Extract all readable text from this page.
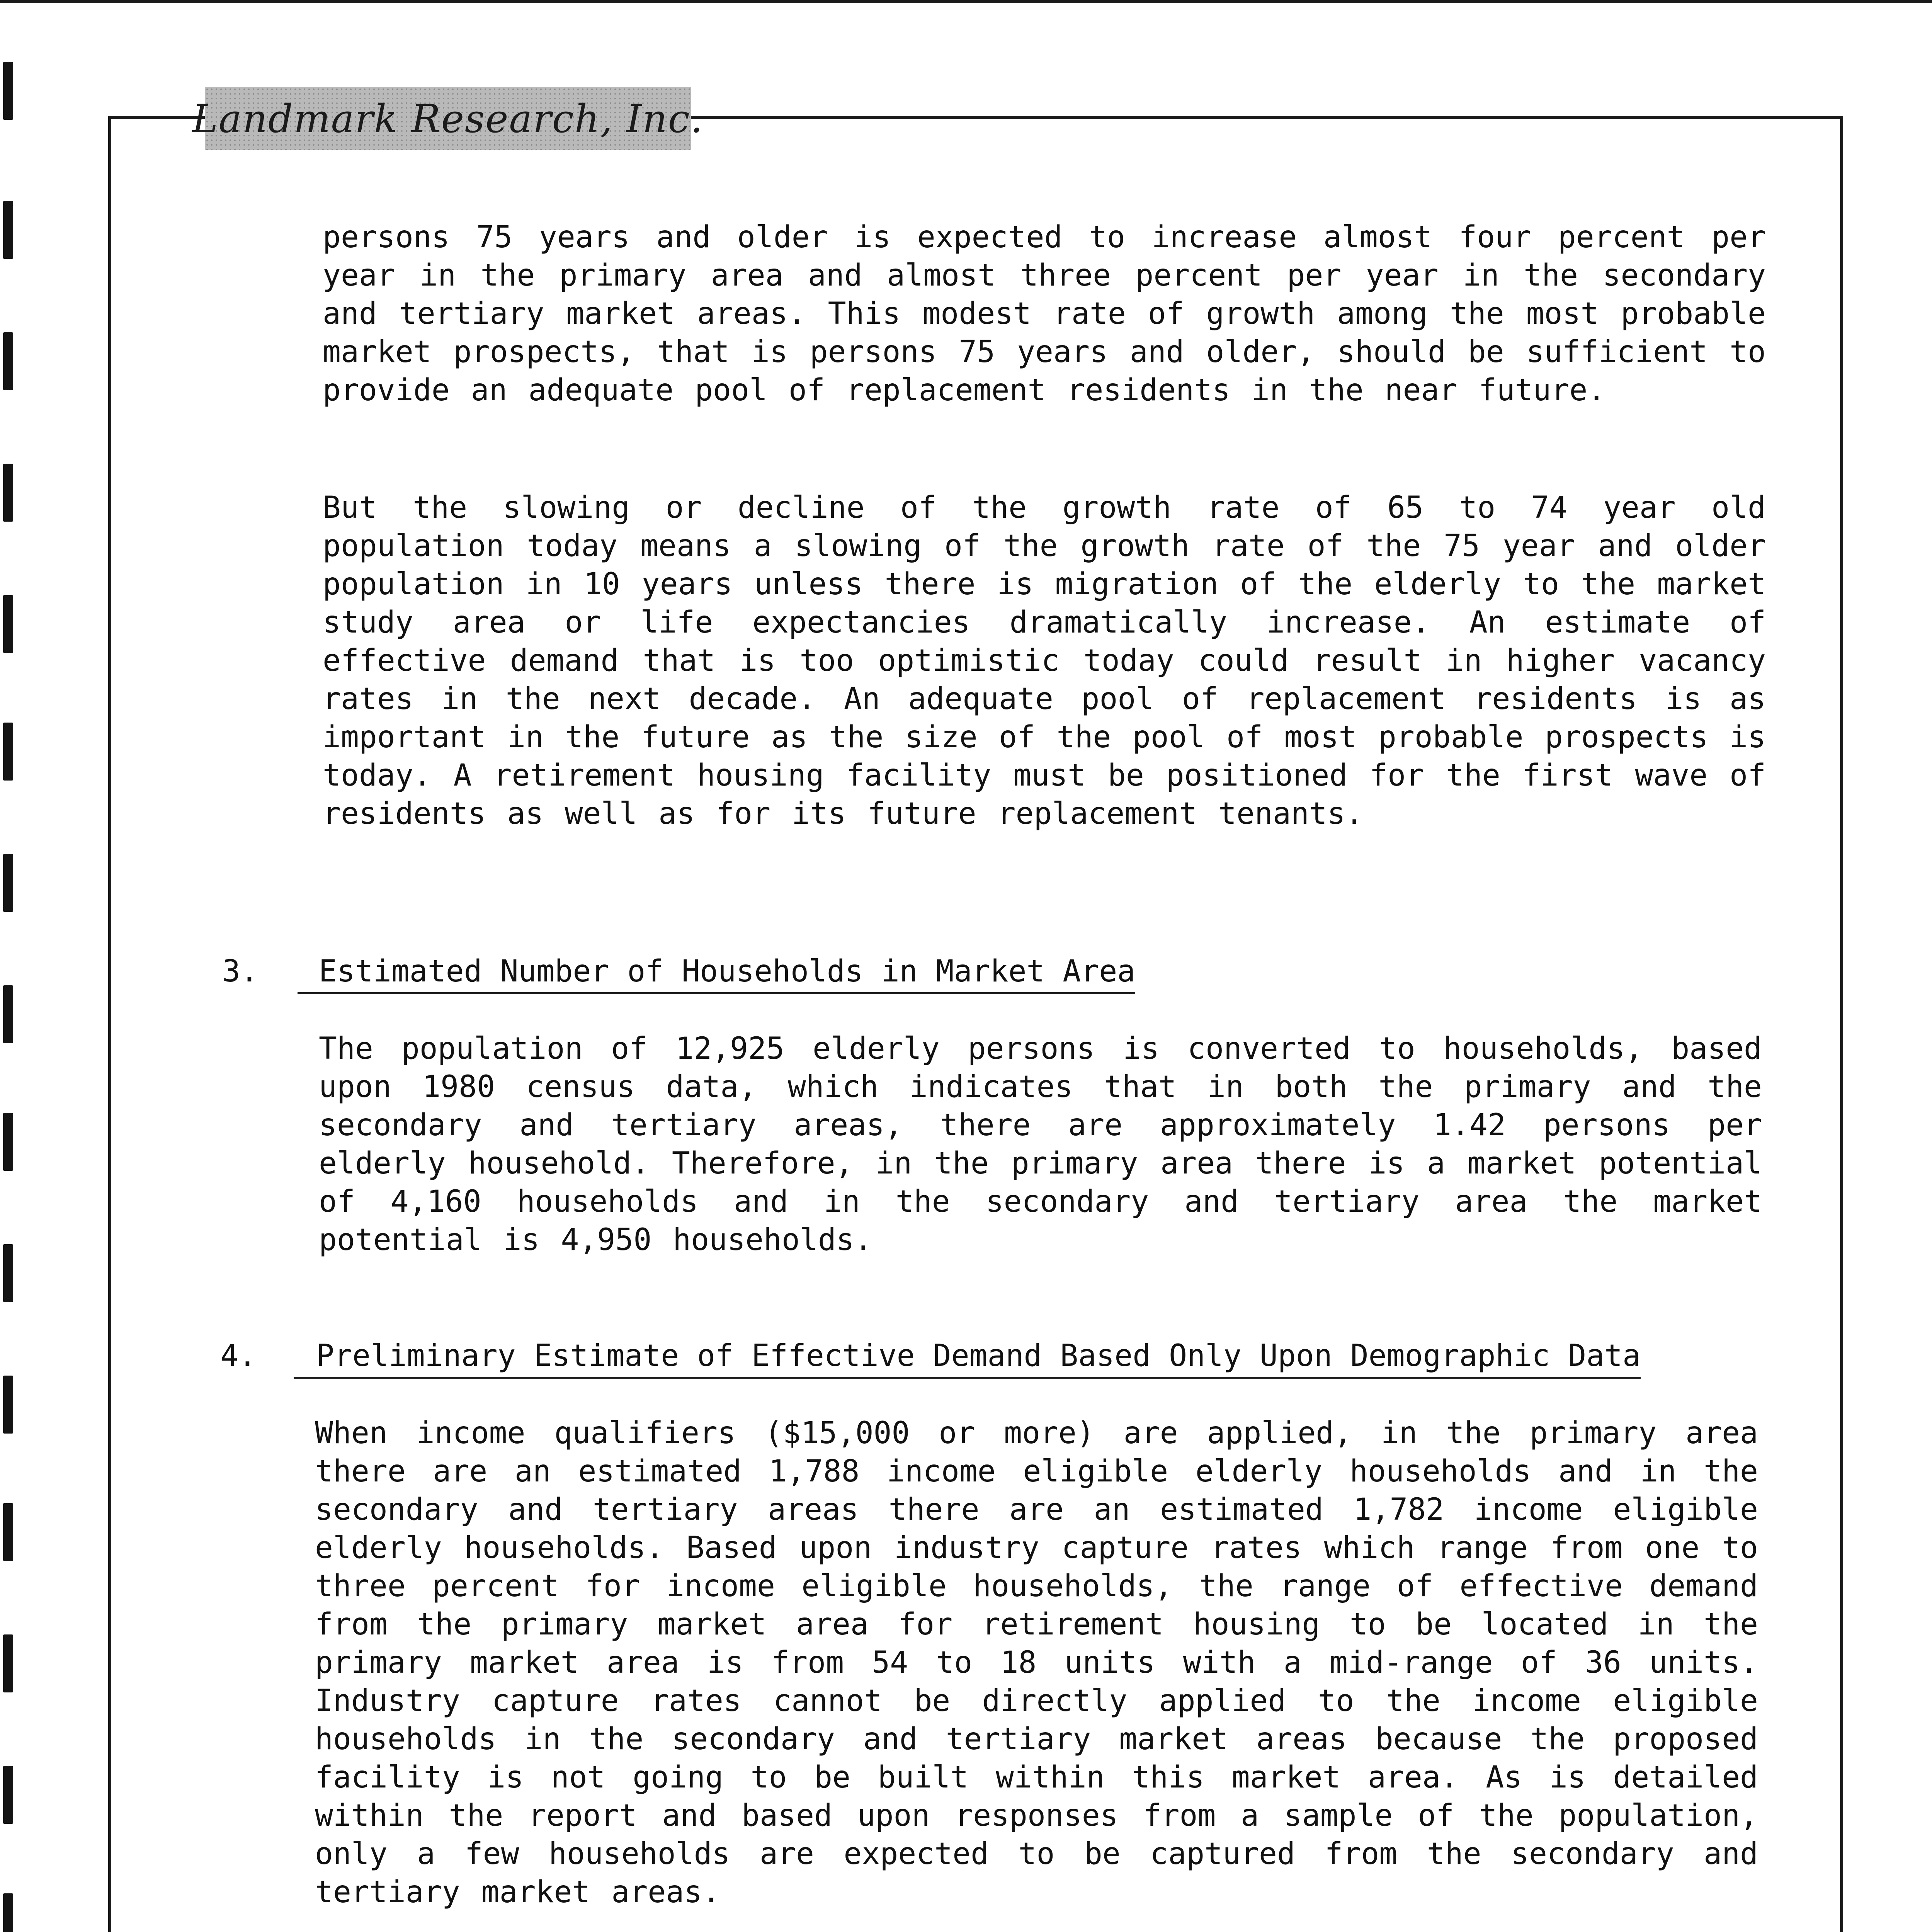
Landmark Research, Inc.

persons 75 years and older is expected to increase almost four percent per year in the primary area and almost three percent per year in the secondary and tertiary market areas. This modest rate of growth among the most probable market prospects, that is persons 75 years and older, should be sufficient to provide an adequate pool of replacement residents in the near future.

But the slowing or decline of the growth rate of 65 to 74 year old population today means a slowing of the growth rate of the 75 year and older population in 10 years unless there is migration of the elderly to the market study area or life expectancies dramatically increase. An estimate of effective demand that is too optimistic today could result in higher vacancy rates in the next decade. An adequate pool of replacement residents is as important in the future as the size of the pool of most probable prospects is today. A retirement housing facility must be positioned for the first wave of residents as well as for its future replacement tenants.

3.	Estimated Number of Households in Market Area

The population of 12,925 elderly persons is converted to households, based upon 1980 census data, which indicates that in both the primary and the secondary and tertiary areas, there are approximately 1.42 persons per elderly household. Therefore, in the primary area there is a market potential of 4,160 households and in the secondary and tertiary area the market potential is 4,950 households.

4.	Preliminary Estimate of Effective Demand Based Only Upon Demographic Data

When income qualifiers ($15,000 or more) are applied, in the primary area there are an estimated 1,788 income eligible elderly households and in the secondary and tertiary areas there are an estimated 1,782 income eligible elderly households. Based upon industry capture rates which range from one to three percent for income eligible households, the range of effective demand from the primary market area for retirement housing to be located in the primary market area is from 54 to 18 units with a mid-range of 36 units. Industry capture rates cannot be directly applied to the income eligible households in the secondary and tertiary market areas because the proposed facility is not going to be built within this market area. As is detailed within the report and based upon responses from a sample of the population, only a few households are expected to be captured from the secondary and tertiary market areas.
